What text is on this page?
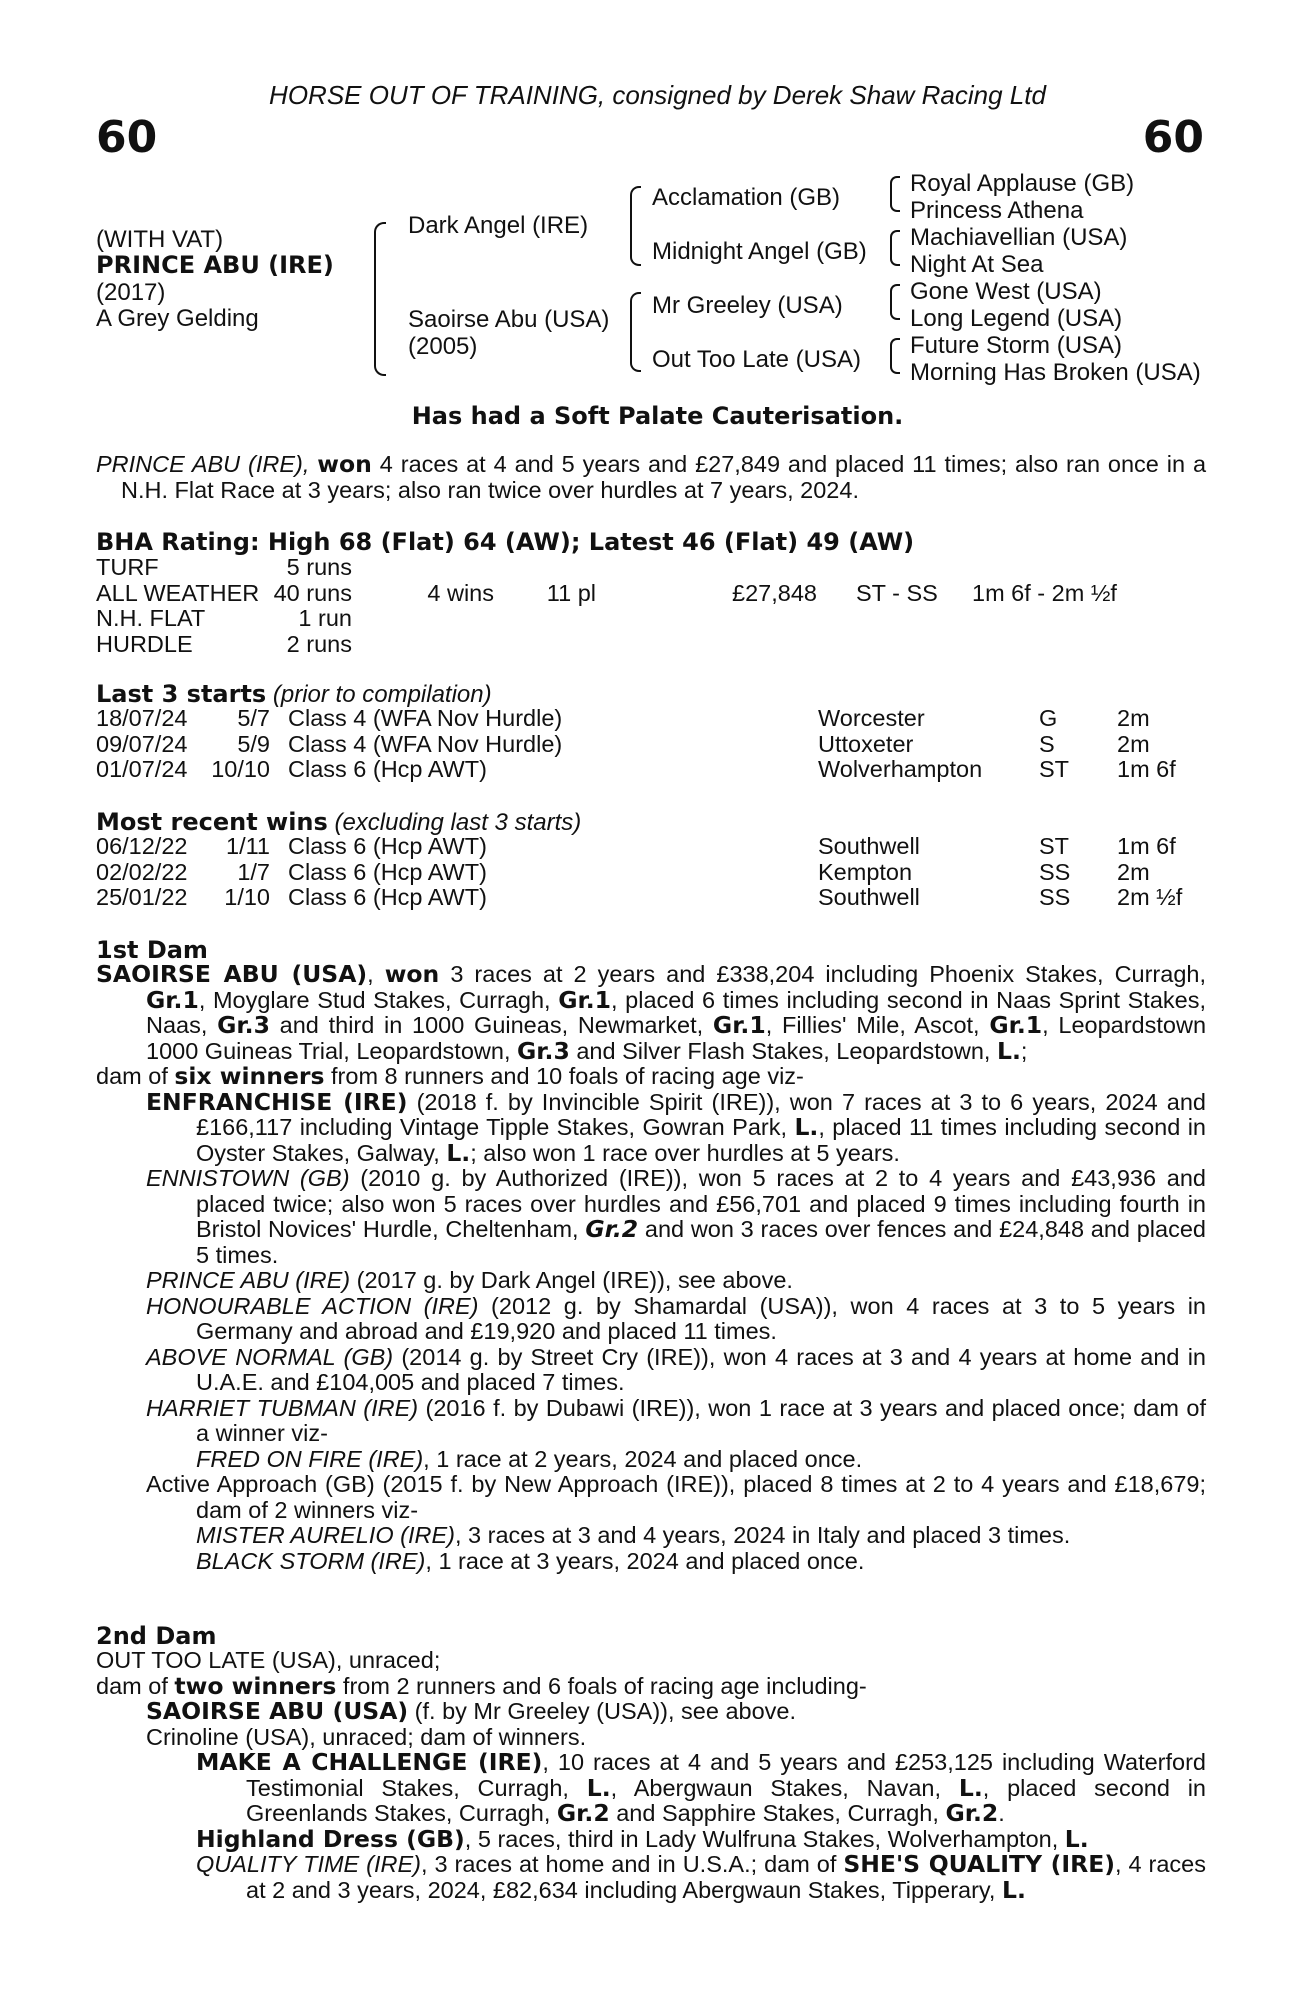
HORSE OUT OF TRAINING, consigned by Derek Shaw Racing Ltd
60	60
(WITH VAT)
PRINCE ABU (IRE)
(2017)
A Grey Gelding
Dark Angel (IRE)
Saoirse Abu (USA)
(2005)
Acclamation (GB)
Midnight Angel (GB)
Mr Greeley (USA)
Out Too Late (USA)
Royal Applause (GB)
Princess Athena
Machiavellian (USA)
Night At Sea
Gone West (USA)
Long Legend (USA)
Future Storm (USA)
Morning Has Broken (USA)
Has had a Soft Palate Cauterisation.

PRINCE ABU (IRE), won 4 races at 4 and 5 years and £27,849 and placed 11 times; also ran once in a N.H. Flat Race at 3 years; also ran twice over hurdles at 7 years, 2024.

BHA Rating: High 68 (Flat) 64 (AW); Latest 46 (Flat) 49 (AW)
TURF	5 runs
ALL WEATHER 40 runs	4 wins 11 pl	£27,848 ST - SS 1m 6f - 2m ½f
N.H. FLAT	1 run
HURDLE	2 runs
Last 3 starts (prior to compilation)
18/07/24 5/7 Class 4 (WFA Nov Hurdle)	Worcester	G	2m
09/07/24 5/9 Class 4 (WFA Nov Hurdle)	Uttoxeter	S	2m
01/07/24 10/10 Class 6 (Hcp AWT)	Wolverhampton ST 1m 6f
Most recent wins (excluding last 3 starts)
06/12/22 1/11 Class 6 (Hcp AWT)	Southwell	ST 1m 6f
02/02/22 1/7 Class 6 (Hcp AWT)	Kempton	SS 2m
25/01/22 1/10 Class 6 (Hcp AWT)	Southwell	SS 2m ½f
1st Dam

SAOIRSE ABU (USA), won 3 races at 2 years and £338,204 including Phoenix Stakes, Curragh, Gr.1, Moyglare Stud Stakes, Curragh, Gr.1, placed 6 times including second in Naas Sprint Stakes, Naas, Gr.3 and third in 1000 Guineas, Newmarket, Gr.1, Fillies' Mile, Ascot, Gr.1, Leopardstown 1000 Guineas Trial, Leopardstown, Gr.3 and Silver Flash Stakes, Leopardstown, L.;

dam of six winners from 8 runners and 10 foals of racing age viz-

ENFRANCHISE (IRE) (2018 f. by Invincible Spirit (IRE)), won 7 races at 3 to 6 years, 2024 and £166,117 including Vintage Tipple Stakes, Gowran Park, L., placed 11 times including second in Oyster Stakes, Galway, L.; also won 1 race over hurdles at 5 years.

ENNISTOWN (GB) (2010 g. by Authorized (IRE)), won 5 races at 2 to 4 years and £43,936 and placed twice; also won 5 races over hurdles and £56,701 and placed 9 times including fourth in Bristol Novices' Hurdle, Cheltenham, Gr.2 and won 3 races over fences and £24,848 and placed 5 times.

PRINCE ABU (IRE) (2017 g. by Dark Angel (IRE)), see above.

HONOURABLE ACTION (IRE) (2012 g. by Shamardal (USA)), won 4 races at 3 to 5 years in Germany and abroad and £19,920 and placed 11 times.

ABOVE NORMAL (GB) (2014 g. by Street Cry (IRE)), won 4 races at 3 and 4 years at home and in U.A.E. and £104,005 and placed 7 times.

HARRIET TUBMAN (IRE) (2016 f. by Dubawi (IRE)), won 1 race at 3 years and placed once; dam of a winner viz-

FRED ON FIRE (IRE), 1 race at 2 years, 2024 and placed once.

Active Approach (GB) (2015 f. by New Approach (IRE)), placed 8 times at 2 to 4 years and £18,679; dam of 2 winners viz-

MISTER AURELIO (IRE), 3 races at 3 and 4 years, 2024 in Italy and placed 3 times.

BLACK STORM (IRE), 1 race at 3 years, 2024 and placed once.

2nd Dam

OUT TOO LATE (USA), unraced;

dam of two winners from 2 runners and 6 foals of racing age including-

SAOIRSE ABU (USA) (f. by Mr Greeley (USA)), see above.

Crinoline (USA), unraced; dam of winners.

MAKE A CHALLENGE (IRE), 10 races at 4 and 5 years and £253,125 including Waterford Testimonial Stakes, Curragh, L., Abergwaun Stakes, Navan, L., placed second in Greenlands Stakes, Curragh, Gr.2 and Sapphire Stakes, Curragh, Gr.2.

Highland Dress (GB), 5 races, third in Lady Wulfruna Stakes, Wolverhampton, L.

QUALITY TIME (IRE), 3 races at home and in U.S.A.; dam of SHE'S QUALITY (IRE), 4 races at 2 and 3 years, 2024, £82,634 including Abergwaun Stakes, Tipperary, L.
